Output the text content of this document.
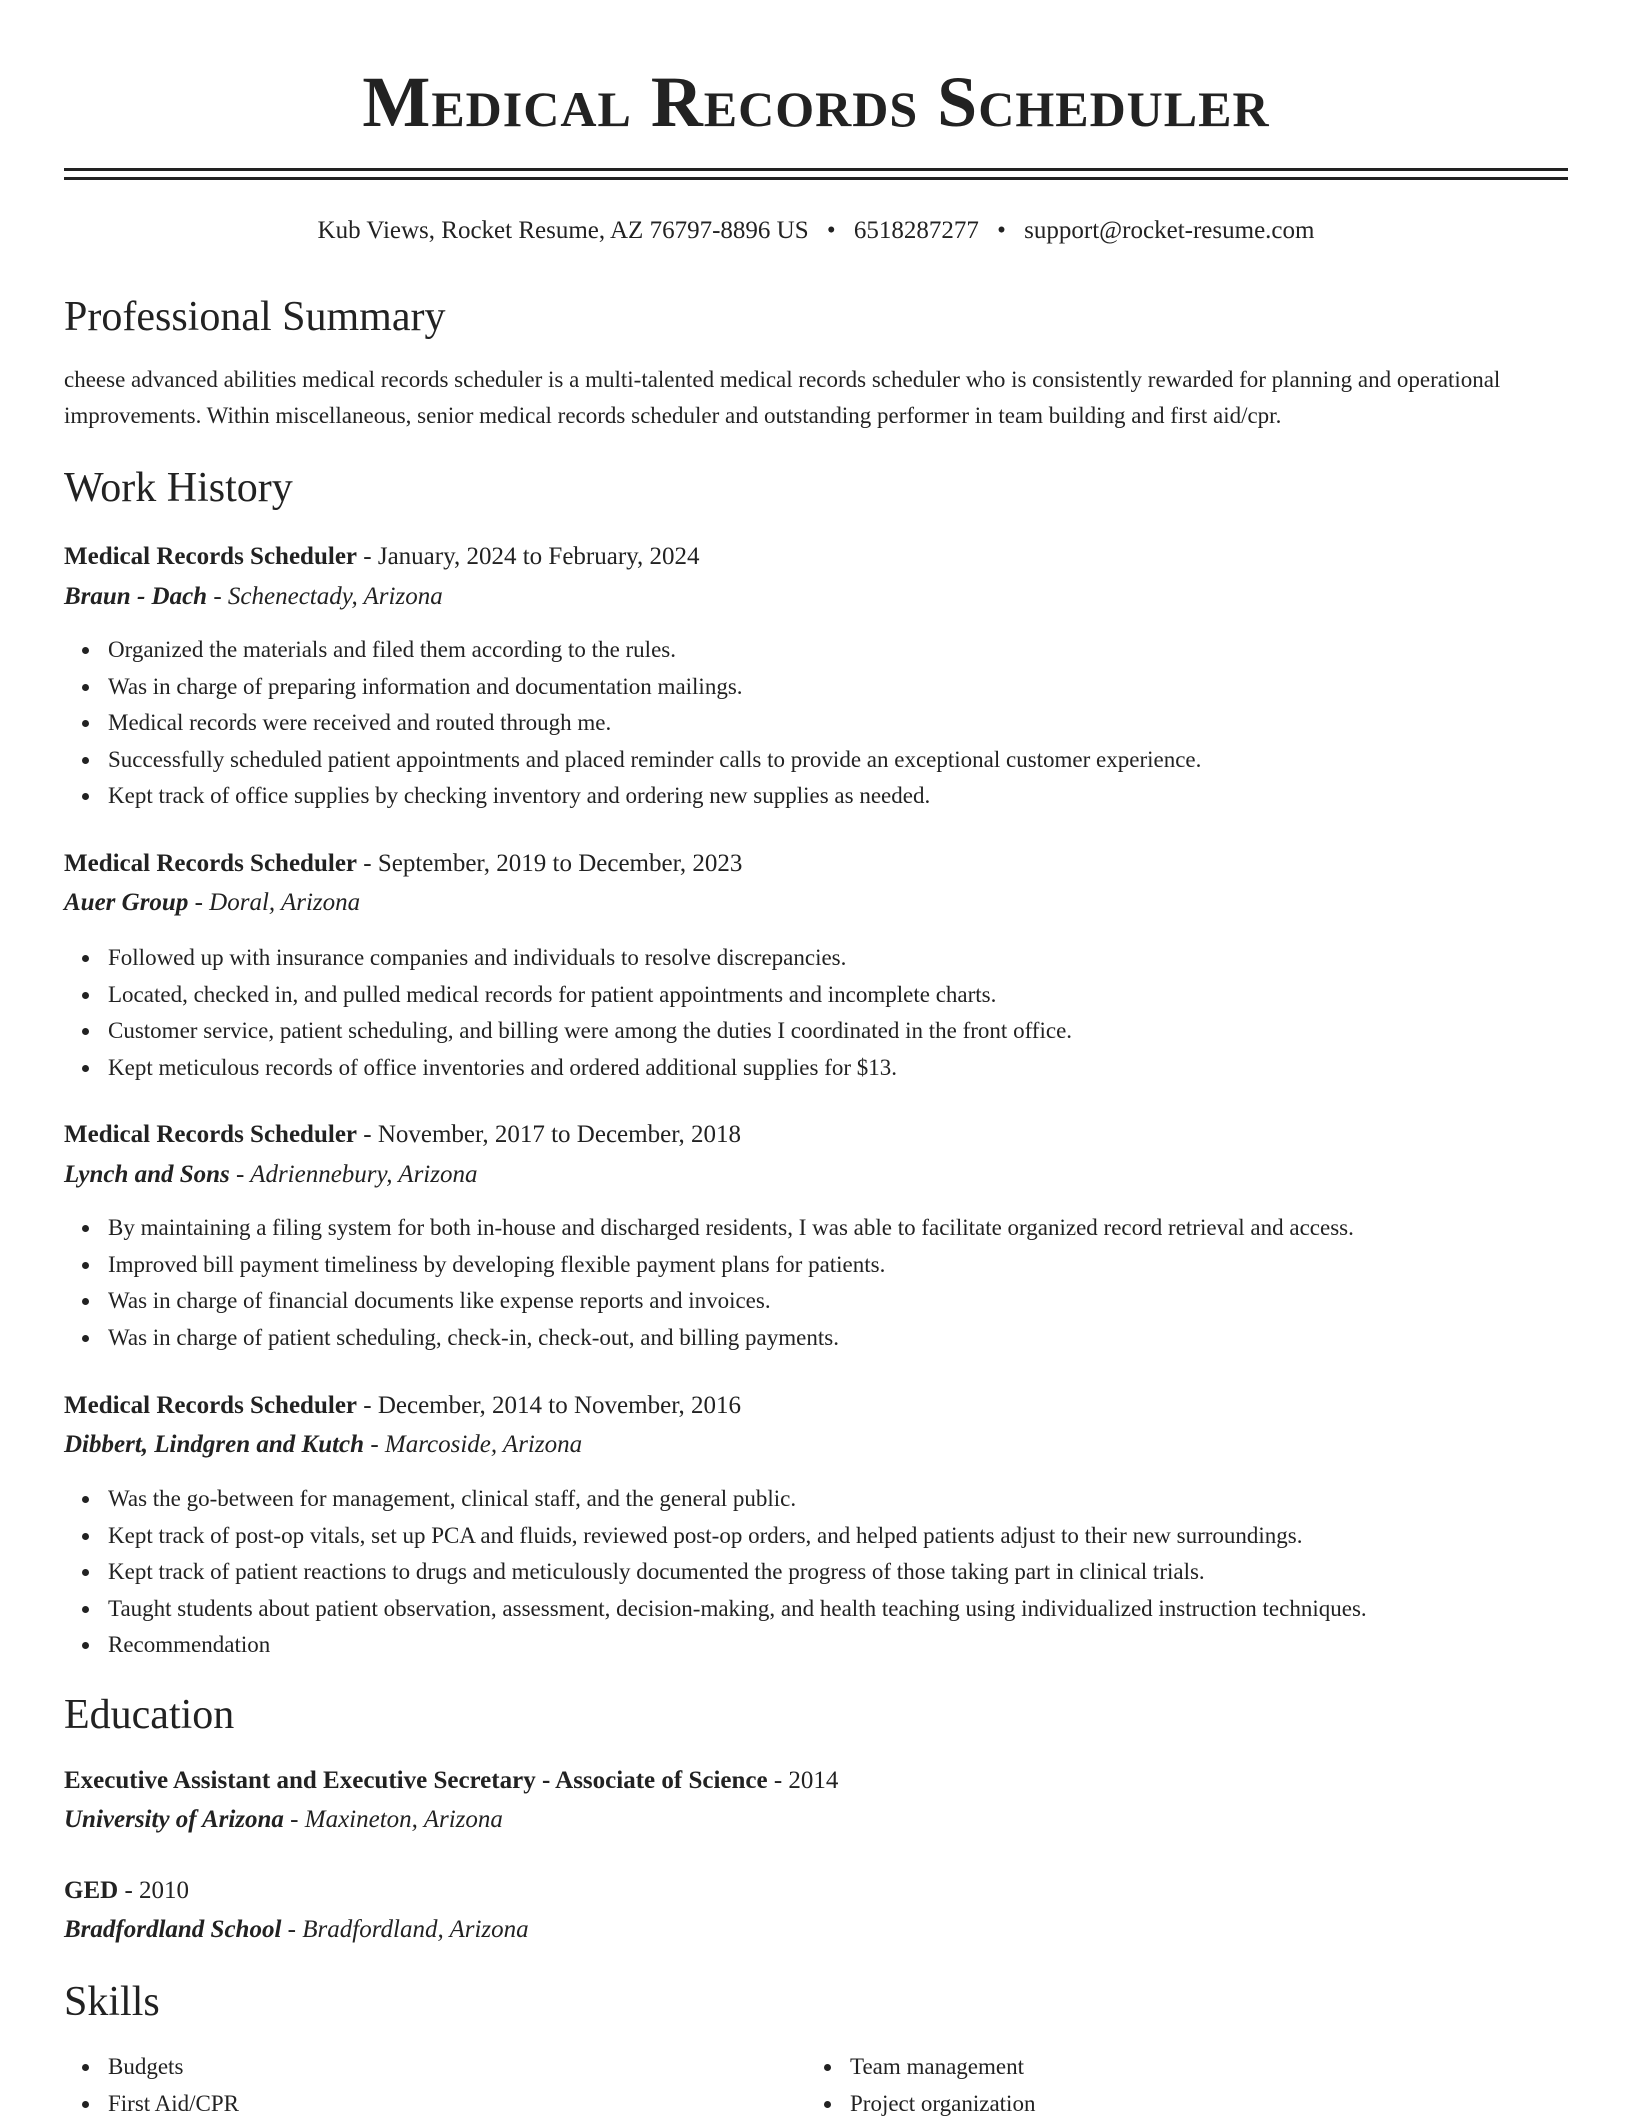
Medical Records Scheduler
Kub Views, Rocket Resume, AZ 76797-8896 US • 6518287277 • support@rocket-resume.com
Professional Summary

cheese advanced abilities medical records scheduler is a multi-talented medical records scheduler who is consistently rewarded for planning and operational improvements. Within miscellaneous, senior medical records scheduler and outstanding performer in team building and first aid/cpr.

Work History
Medical Records Scheduler - January, 2024 to February, 2024
Braun - Dach - Schenectady, Arizona
Organized the materials and filed them according to the rules.
Was in charge of preparing information and documentation mailings.
Medical records were received and routed through me.
Successfully scheduled patient appointments and placed reminder calls to provide an exceptional customer experience.
Kept track of office supplies by checking inventory and ordering new supplies as needed.
Medical Records Scheduler - September, 2019 to December, 2023
Auer Group - Doral, Arizona
Followed up with insurance companies and individuals to resolve discrepancies.
Located, checked in, and pulled medical records for patient appointments and incomplete charts.
Customer service, patient scheduling, and billing were among the duties I coordinated in the front office.
Kept meticulous records of office inventories and ordered additional supplies for $13.
Medical Records Scheduler - November, 2017 to December, 2018
Lynch and Sons - Adriennebury, Arizona
By maintaining a filing system for both in-house and discharged residents, I was able to facilitate organized record retrieval and access.
Improved bill payment timeliness by developing flexible payment plans for patients.
Was in charge of financial documents like expense reports and invoices.
Was in charge of patient scheduling, check-in, check-out, and billing payments.
Medical Records Scheduler - December, 2014 to November, 2016
Dibbert, Lindgren and Kutch - Marcoside, Arizona
Was the go-between for management, clinical staff, and the general public.
Kept track of post-op vitals, set up PCA and fluids, reviewed post-op orders, and helped patients adjust to their new surroundings.
Kept track of patient reactions to drugs and meticulously documented the progress of those taking part in clinical trials.
Taught students about patient observation, assessment, decision-making, and health teaching using individualized instruction techniques.
Recommendation
Education
Executive Assistant and Executive Secretary - Associate of Science - 2014
University of Arizona - Maxineton, Arizona
GED - 2010
Bradfordland School - Bradfordland, Arizona
Skills
Budgets
First Aid/CPR
Team management
Project organization
